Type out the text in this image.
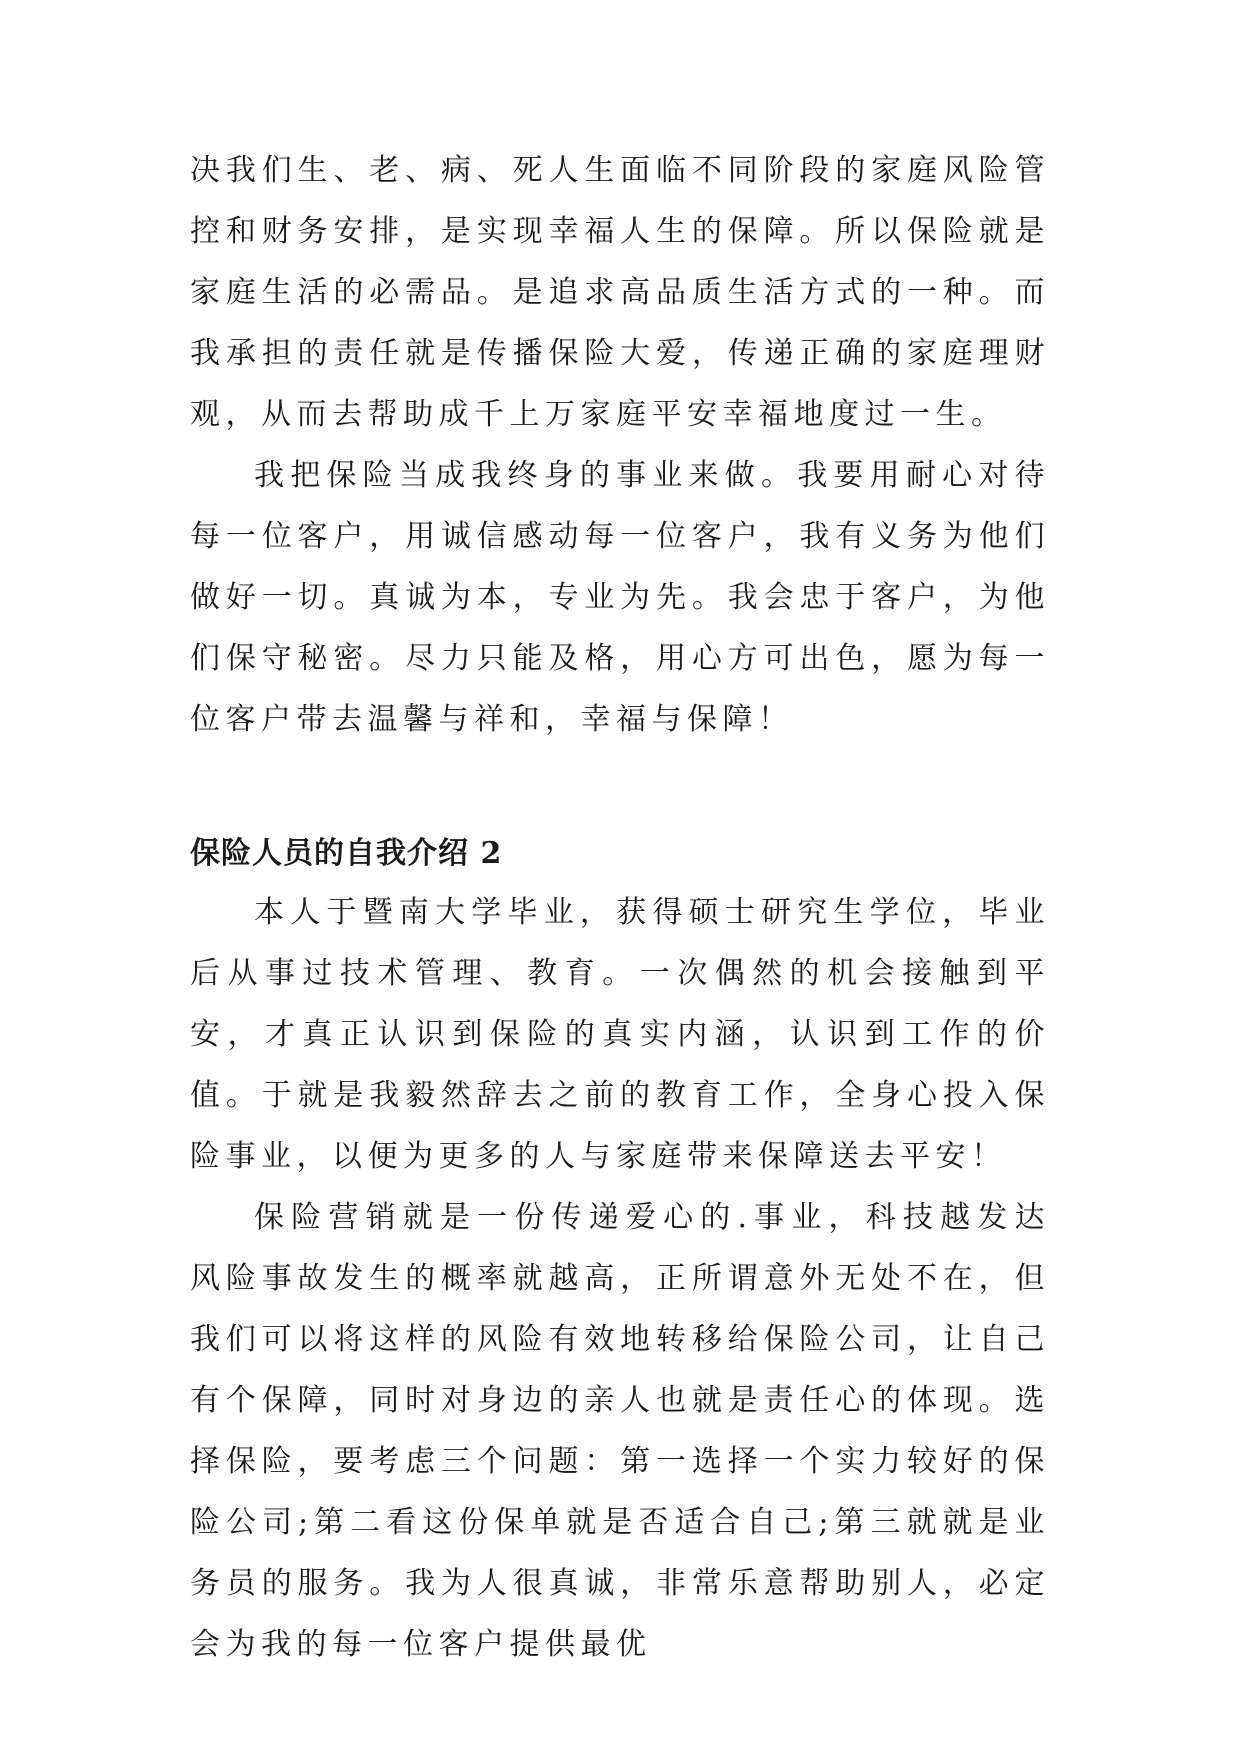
决我们生、老、病、死人生面临不同阶段的家庭风险管控和财务安排，是实现幸福人生的保障。所以保险就是家庭生活的必需品。是追求高品质生活方式的一种。而我承担的责任就是传播保险大爱，传递正确的家庭理财观，从而去帮助成千上万家庭平安幸福地度过一生。

我把保险当成我终身的事业来做。我要用耐心对待每一位客户，用诚信感动每一位客户，我有义务为他们做好一切。真诚为本，专业为先。我会忠于客户，为他们保守秘密。尽力只能及格，用心方可出色，愿为每一位客户带去温馨与祥和，幸福与保障！

保险人员的自我介绍 2

本人于暨南大学毕业，获得硕士研究生学位，毕业后从事过技术管理、教育。一次偶然的机会接触到平安，才真正认识到保险的真实内涵，认识到工作的价值。于就是我毅然辞去之前的教育工作，全身心投入保险事业，以便为更多的人与家庭带来保障送去平安！

保险营销就是一份传递爱心的.事业，科技越发达风险事故发生的概率就越高，正所谓意外无处不在，但我们可以将这样的风险有效地转移给保险公司，让自己有个保障，同时对身边的亲人也就是责任心的体现。选择保险，要考虑三个问题：第一选择一个实力较好的保险公司;第二看这份保单就是否适合自己;第三就就是业务员的服务。我为人很真诚，非常乐意帮助别人，必定会为我的每一位客户提供最优
